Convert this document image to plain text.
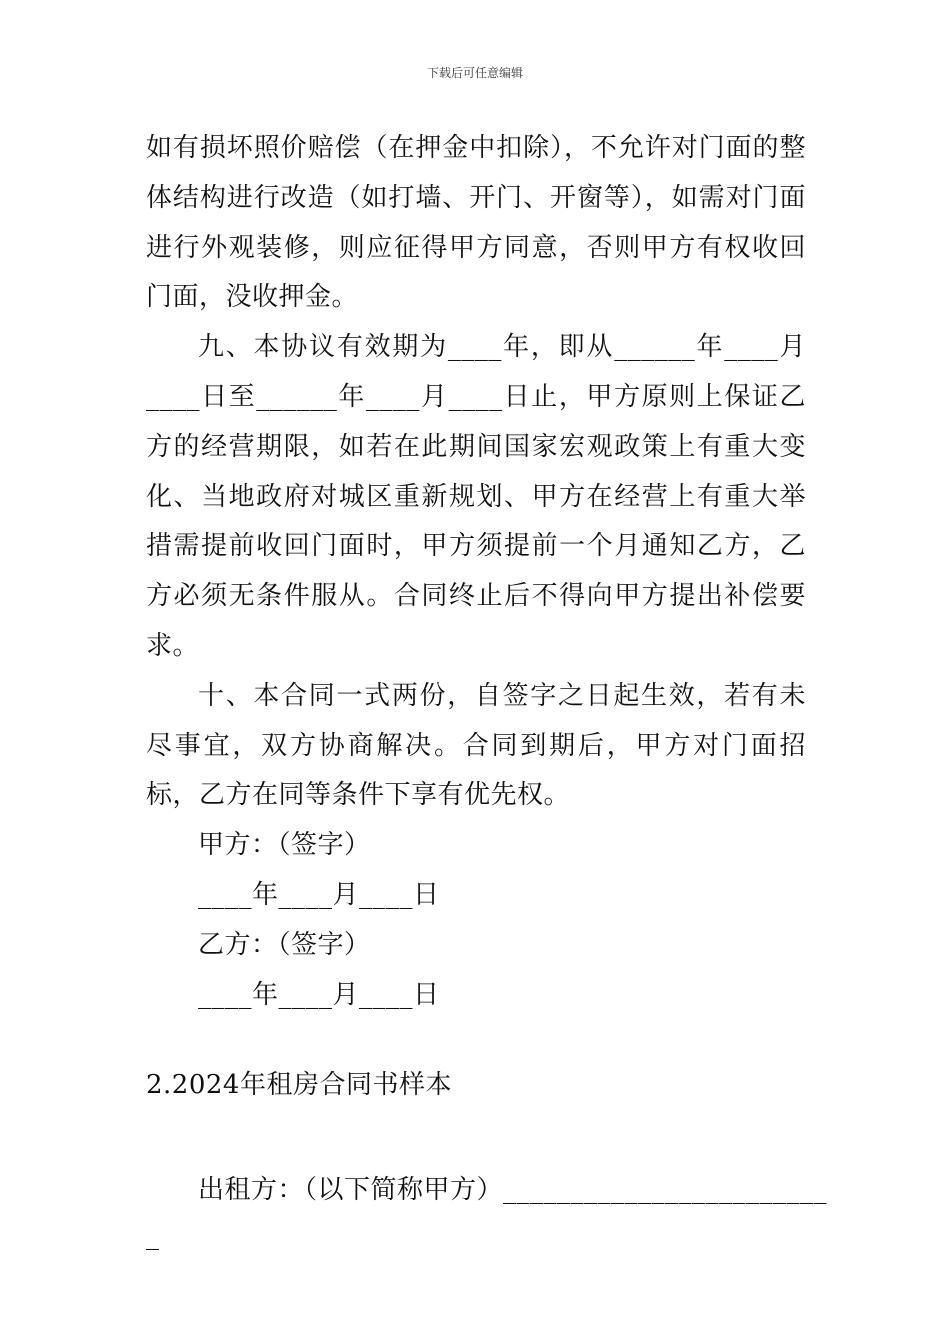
下载后可任意编辑

如有损坏照价赔偿（在押金中扣除），不允许对门面的整体结构进行改造（如打墙、开门、开窗等），如需对门面进行外观装修，则应征得甲方同意，否则甲方有权收回门面，没收押金。

九、本协议有效期为____年，即从______年____月____日至______年____月____日止，甲方原则上保证乙方的经营期限，如若在此期间国家宏观政策上有重大变化、当地政府对城区重新规划、甲方在经营上有重大举措需提前收回门面时，甲方须提前一个月通知乙方，乙方必须无条件服从。合同终止后不得向甲方提出补偿要求。

十、本合同一式两份，自签字之日起生效，若有未尽事宜，双方协商解决。合同到期后，甲方对门面招标，乙方在同等条件下享有优先权。

甲方：（签字）

____年____月____日

乙方：（签字）

____年____月____日

2.2024年租房合同书样本

出租方：（以下简称甲方）________________________

_
